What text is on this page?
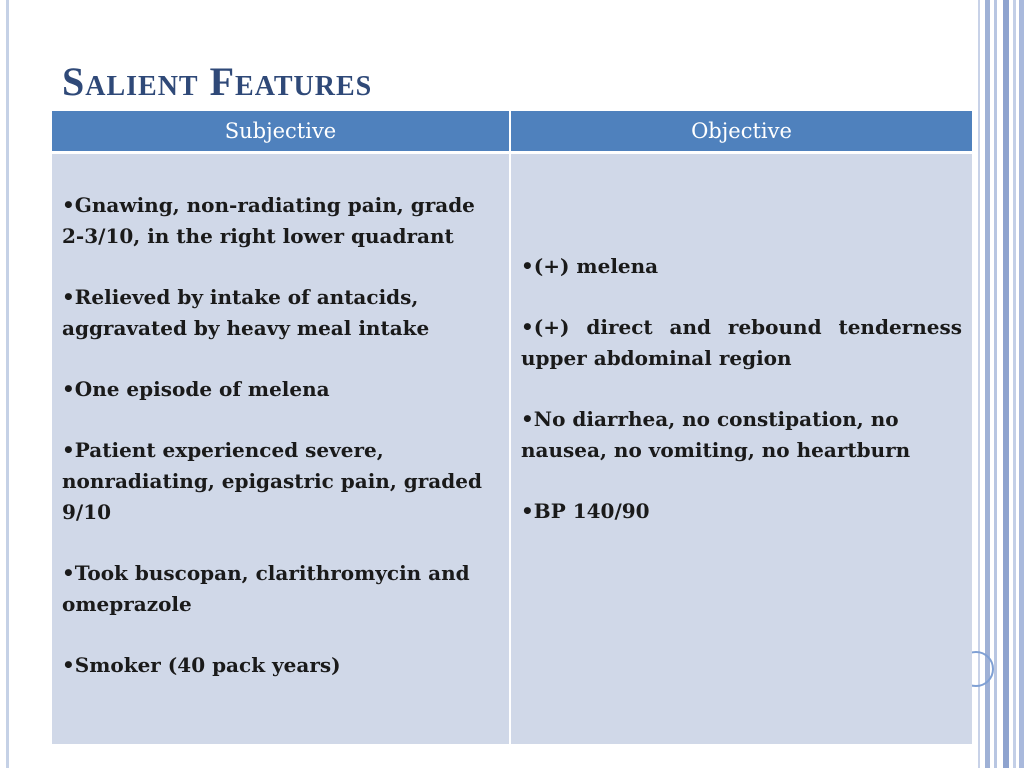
Salient Features
Subjective	Objective
•Gnawing, non-radiating pain, grade 2-3/10, in the right lower quadrant
•Relieved by intake of antacids, aggravated by heavy meal intake
•One episode of melena
•Patient experienced severe, nonradiating, epigastric pain, graded 9/10
•Took buscopan, clarithromycin and omeprazole
•Smoker (40 pack years)
•(+) melena
•(+) direct and rebound tenderness upper abdominal region
•No diarrhea, no constipation, no nausea, no vomiting, no heartburn
•BP 140/90
